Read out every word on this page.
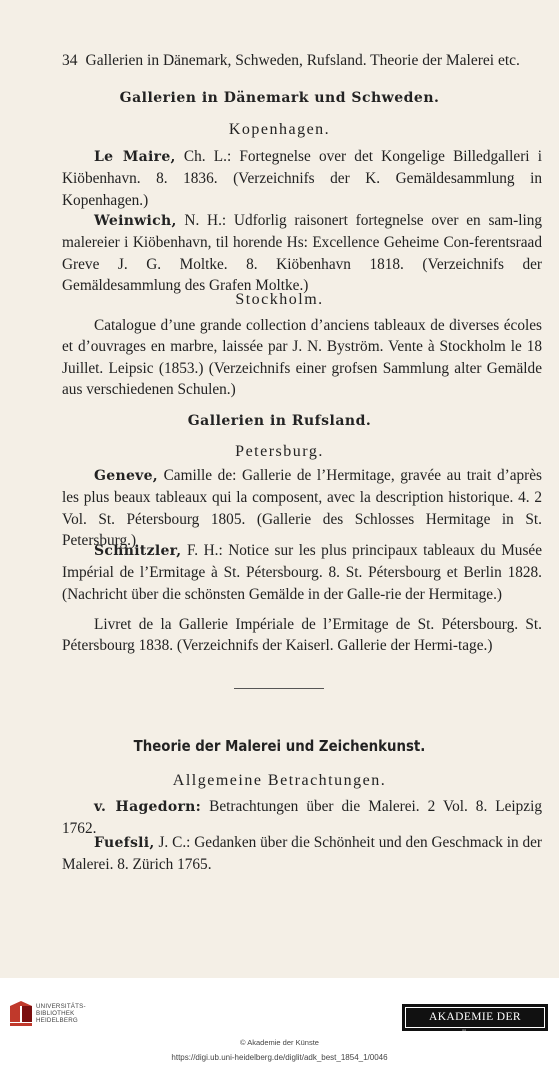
34 Gallerien in Dänemark, Schweden, Rufsland. Theorie der Malerei etc.
Gallerien in Dänemark und Schweden.
Kopenhagen.
Le Maire, Ch. L.: Fortegnelse over det Kongelige Billedgalleri i Kiöbenhavn. 8. 1836. (Verzeichnifs der K. Gemäldesammlung in Kopenhagen.)
Weinwich, N. H.: Udforlig raisonert fortegnelse over en sam-ling malereier i Kiöbenhavn, til horende Hs: Excellence Geheime Con-ferentsraad Greve J. G. Moltke. 8. Kiöbenhavn 1818. (Verzeichnifs der Gemäldesammlung des Grafen Moltke.)
Stockholm.
Catalogue d’une grande collection d’anciens tableaux de diverses écoles et d’ouvrages en marbre, laissée par J. N. Byström. Vente à Stockholm le 18 Juillet. Leipsic (1853.) (Verzeichnifs einer grofsen Sammlung alter Gemälde aus verschiedenen Schulen.)
Gallerien in Rufsland.
Petersburg.
Geneve, Camille de: Gallerie de l’Hermitage, gravée au trait d’après les plus beaux tableaux qui la composent, avec la description historique. 4. 2 Vol. St. Pétersbourg 1805. (Gallerie des Schlosses Hermitage in St. Petersburg.)
Schnitzler, F. H.: Notice sur les plus principaux tableaux du Musée Impérial de l’Ermitage à St. Pétersbourg. 8. St. Pétersbourg et Berlin 1828. (Nachricht über die schönsten Gemälde in der Galle-rie der Hermitage.)
Livret de la Gallerie Impériale de l’Ermitage de St. Pétersbourg. St. Pétersbourg 1838. (Verzeichnifs der Kaiserl. Gallerie der Hermi-tage.)
Theorie der Malerei und Zeichenkunst.
Allgemeine Betrachtungen.
v. Hagedorn: Betrachtungen über die Malerei. 2 Vol. 8. Leipzig 1762.
Fuefsli, J. C.: Gedanken über die Schönheit und den Geschmack in der Malerei. 8. Zürich 1765.
UNIVERSITÄTS-
BIBLIOTHEK
HEIDELBERG	AKADEMIE DER KÜNSTE
© Akademie der Künste
https://digi.ub.uni-heidelberg.de/diglit/adk_best_1854_1/0046
